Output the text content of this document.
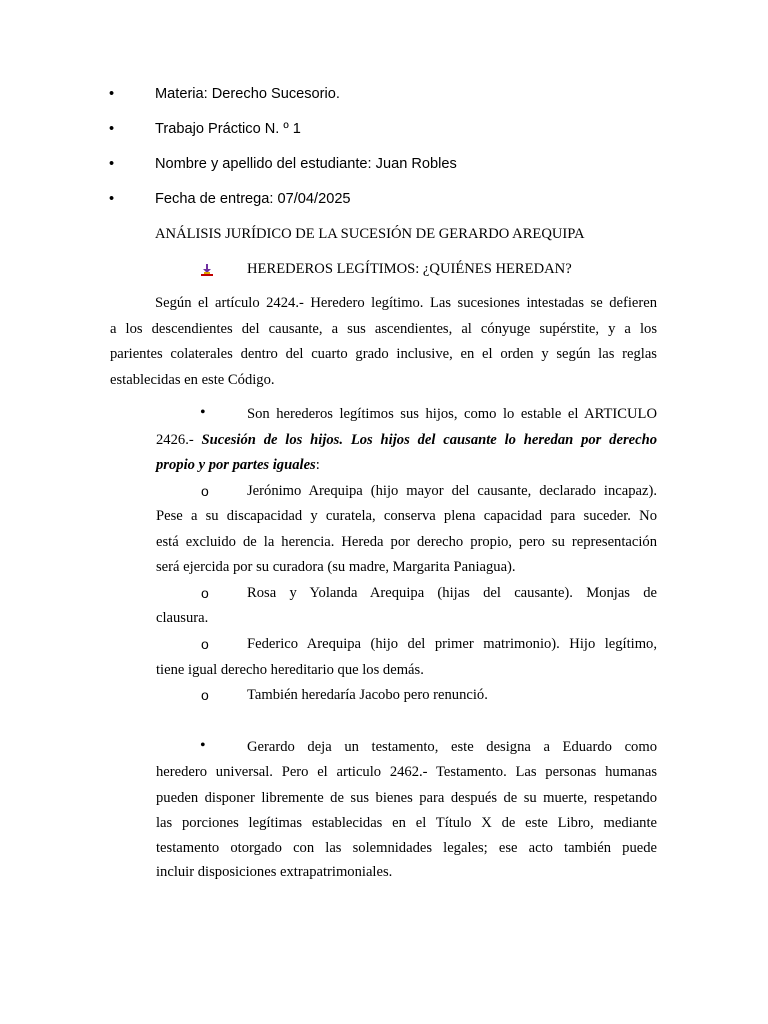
•	Materia: Derecho Sucesorio.
•	Trabajo Práctico N. º 1
•	Nombre y apellido del estudiante: Juan Robles
•	Fecha de entrega: 07/04/2025
ANÁLISIS JURÍDICO DE LA SUCESIÓN DE GERARDO AREQUIPA
HEREDEROS LEGÍTIMOS: ¿QUIÉNES HEREDAN?
Según el artículo 2424.- Heredero legítimo. Las sucesiones intestadas se defieren
a los descendientes del causante, a sus ascendientes, al cónyuge supérstite, y a los
parientes colaterales dentro del cuarto grado inclusive, en el orden y según las reglas
establecidas en este Código.
•	Son herederos legítimos sus hijos, como lo estable el ARTICULO
2426.- Sucesión de los hijos. Los hijos del causante lo heredan por derecho
propio y por partes iguales:
o	Jerónimo Arequipa (hijo mayor del causante, declarado incapaz).
Pese a su discapacidad y curatela, conserva plena capacidad para suceder. No
está excluido de la herencia. Hereda por derecho propio, pero su representación
será ejercida por su curadora (su madre, Margarita Paniagua).
o	Rosa y Yolanda Arequipa (hijas del causante). Monjas de
clausura.
o	Federico Arequipa (hijo del primer matrimonio). Hijo legítimo,
tiene igual derecho hereditario que los demás.
o	También heredaría Jacobo pero renunció.
•	Gerardo deja un testamento, este designa a Eduardo como
heredero universal. Pero el articulo 2462.- Testamento. Las personas humanas
pueden disponer libremente de sus bienes para después de su muerte, respetando
las porciones legítimas establecidas en el Título X de este Libro, mediante
testamento otorgado con las solemnidades legales; ese acto también puede
incluir disposiciones extrapatrimoniales.
